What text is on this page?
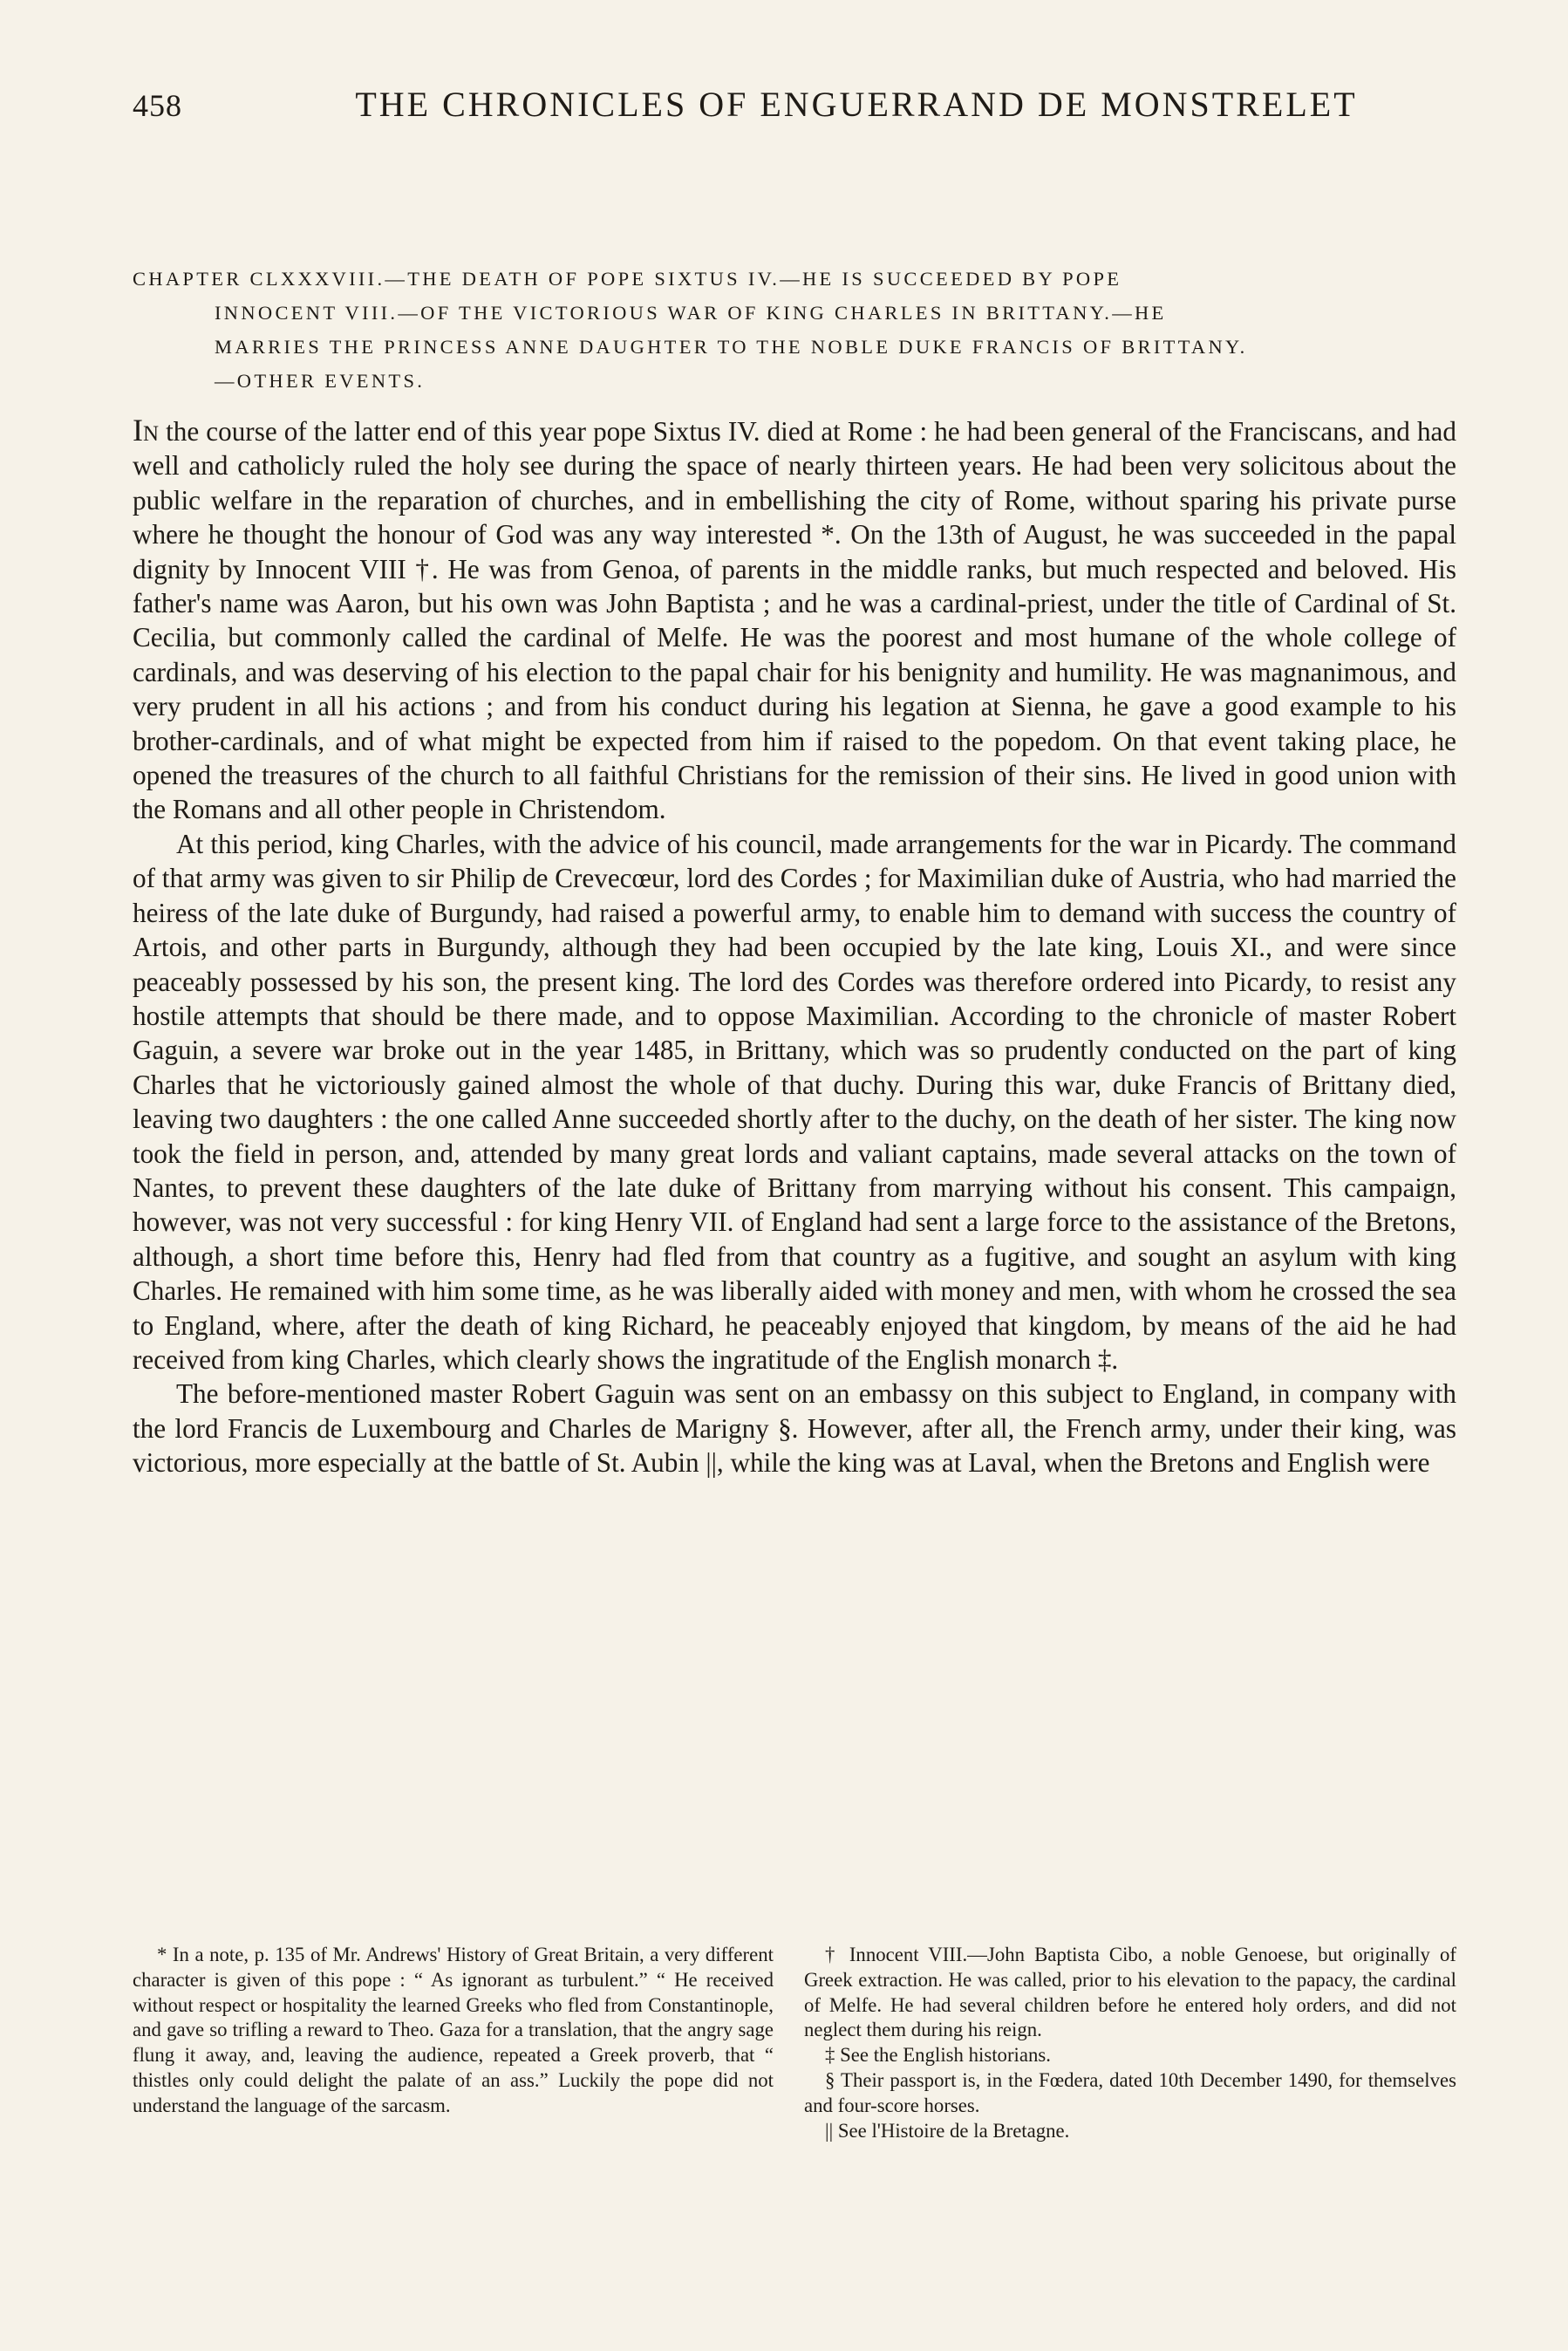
458	THE CHRONICLES OF ENGUERRAND DE MONSTRELET
CHAPTER CLXXXVIII.—THE DEATH OF POPE SIXTUS IV.—HE IS SUCCEEDED BY POPE
INNOCENT VIII.—OF THE VICTORIOUS WAR OF KING CHARLES IN BRITTANY.—HE
MARRIES THE PRINCESS ANNE DAUGHTER TO THE NOBLE DUKE FRANCIS OF BRITTANY.
—OTHER EVENTS.

In the course of the latter end of this year pope Sixtus IV. died at Rome : he had been general of the Franciscans, and had well and catholicly ruled the holy see during the space of nearly thirteen years. He had been very solicitous about the public welfare in the reparation of churches, and in embellishing the city of Rome, without sparing his private purse where he thought the honour of God was any way interested *. On the 13th of August, he was succeeded in the papal dignity by Innocent VIII †. He was from Genoa, of parents in the middle ranks, but much respected and beloved. His father's name was Aaron, but his own was John Baptista ; and he was a cardinal-priest, under the title of Cardinal of St. Cecilia, but commonly called the cardinal of Melfe. He was the poorest and most humane of the whole college of cardinals, and was deserving of his election to the papal chair for his benignity and humility. He was magnanimous, and very prudent in all his actions ; and from his conduct during his legation at Sienna, he gave a good example to his brother-cardinals, and of what might be expected from him if raised to the popedom. On that event taking place, he opened the treasures of the church to all faithful Christians for the remission of their sins. He lived in good union with the Romans and all other people in Christendom.

At this period, king Charles, with the advice of his council, made arrangements for the war in Picardy. The command of that army was given to sir Philip de Crevecœur, lord des Cordes ; for Maximilian duke of Austria, who had married the heiress of the late duke of Burgundy, had raised a powerful army, to enable him to demand with success the country of Artois, and other parts in Burgundy, although they had been occupied by the late king, Louis XI., and were since peaceably possessed by his son, the present king. The lord des Cordes was therefore ordered into Picardy, to resist any hostile attempts that should be there made, and to oppose Maximilian. According to the chronicle of master Robert Gaguin, a severe war broke out in the year 1485, in Brittany, which was so prudently conducted on the part of king Charles that he victoriously gained almost the whole of that duchy. During this war, duke Francis of Brittany died, leaving two daughters : the one called Anne succeeded shortly after to the duchy, on the death of her sister. The king now took the field in person, and, attended by many great lords and valiant captains, made several attacks on the town of Nantes, to prevent these daughters of the late duke of Brittany from marrying without his consent. This campaign, however, was not very successful : for king Henry VII. of England had sent a large force to the assistance of the Bretons, although, a short time before this, Henry had fled from that country as a fugitive, and sought an asylum with king Charles. He remained with him some time, as he was liberally aided with money and men, with whom he crossed the sea to England, where, after the death of king Richard, he peaceably enjoyed that kingdom, by means of the aid he had received from king Charles, which clearly shows the ingratitude of the English monarch ‡.

The before-mentioned master Robert Gaguin was sent on an embassy on this subject to England, in company with the lord Francis de Luxembourg and Charles de Marigny §. However, after all, the French army, under their king, was victorious, more especially at the battle of St. Aubin ||, while the king was at Laval, when the Bretons and English were

* In a note, p. 135 of Mr. Andrews' History of Great Britain, a very different character is given of this pope : “ As ignorant as turbulent.” “ He received without respect or hospitality the learned Greeks who fled from Constantinople, and gave so trifling a reward to Theo. Gaza for a translation, that the angry sage flung it away, and, leaving the audience, repeated a Greek proverb, that “ thistles only could delight the palate of an ass.” Luckily the pope did not understand the language of the sarcasm.

† Innocent VIII.—John Baptista Cibo, a noble Genoese, but originally of Greek extraction. He was called, prior to his elevation to the papacy, the cardinal of Melfe. He had several children before he entered holy orders, and did not neglect them during his reign.

‡ See the English historians.

§ Their passport is, in the Fœdera, dated 10th December 1490, for themselves and four-score horses.

|| See l'Histoire de la Bretagne.
